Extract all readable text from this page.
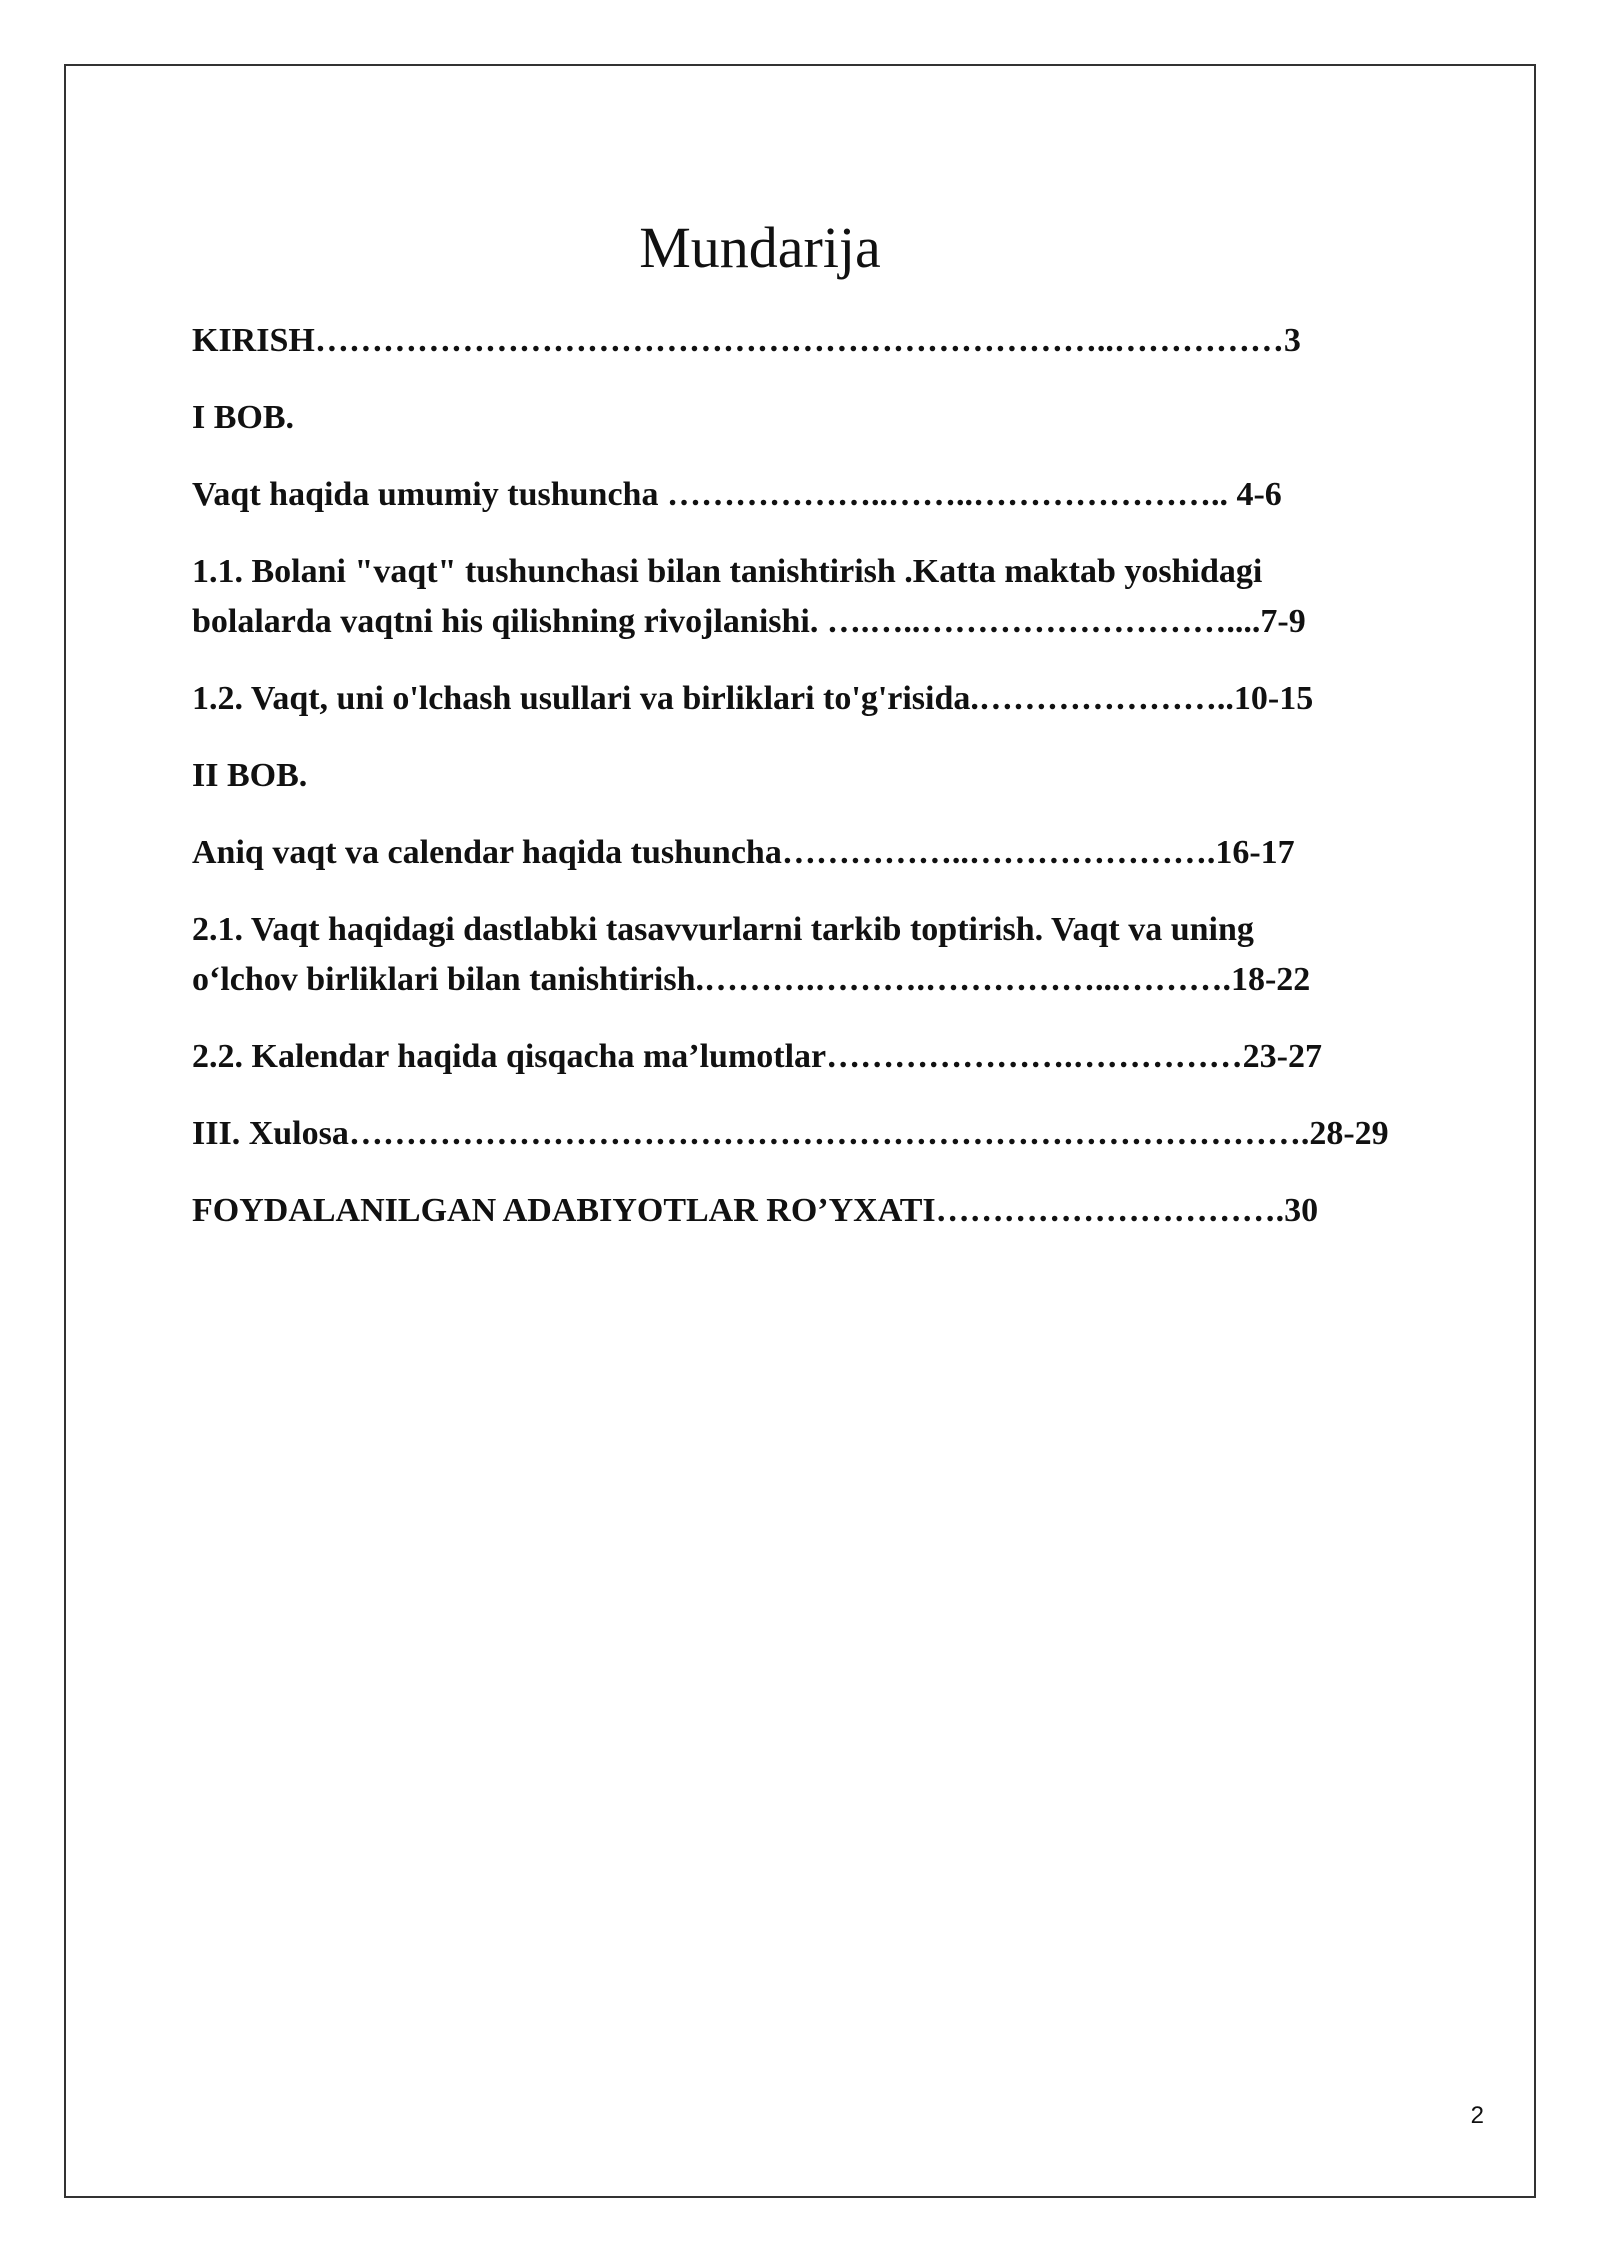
Mundarija
KIRISH……………………………………………………………..……………3
I BOB.
Vaqt haqida umumiy tushuncha ………………..……..………………….. 4-6
1.1. Bolani "vaqt" tushunchasi bilan tanishtirish .Katta maktab yoshidagi
bolalarda vaqtni his qilishning rivojlanishi. ….…..………………………....7-9
1.2. Vaqt, uni o'lchash usullari va birliklari to'g'risida.…………………..10-15
II BOB.
Aniq vaqt va calendar haqida tushuncha……………..………………….16-17
2.1. Vaqt haqidagi dastlabki tasavvurlarni tarkib toptirish. Vaqt va uning
o‘lchov birliklari bilan tanishtirish.……….……….……………...……….18-22
2.2. Kalendar haqida qisqacha ma’lumotlar………………….……………23-27
III. Xulosa………………………………………………………………………….28-29
FOYDALANILGAN ADABIYOTLAR RO’YXATI………………………….30
2
